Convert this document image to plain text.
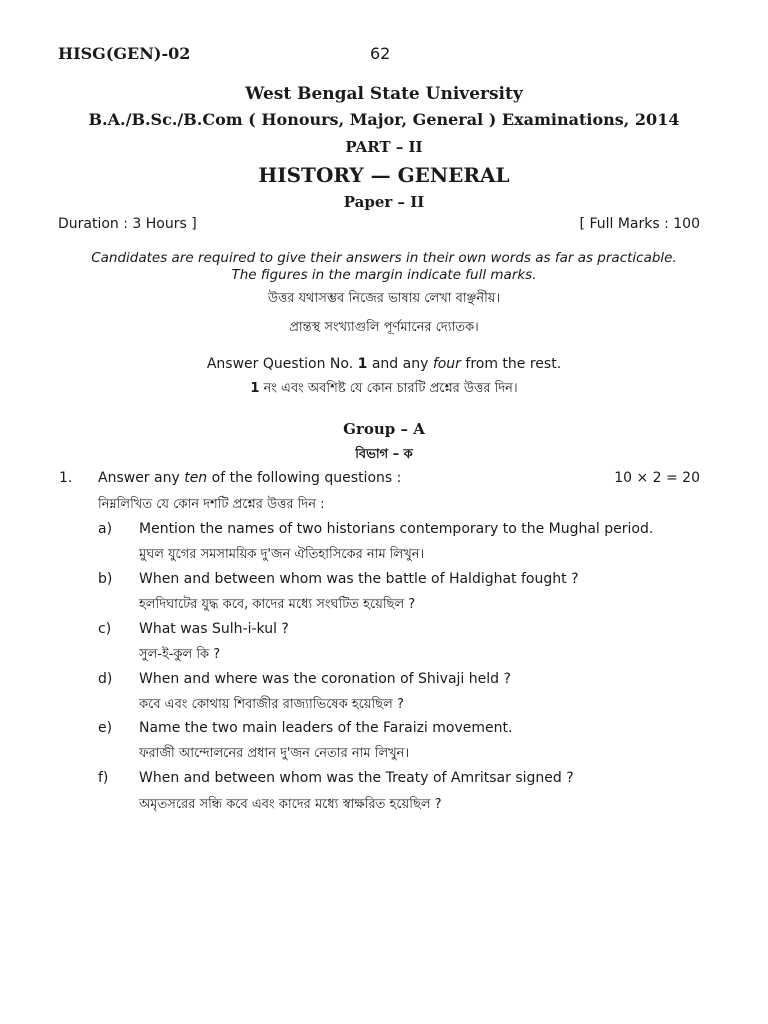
HISG(GEN)-02	62
West Bengal State University
B.A./B.Sc./B.Com ( Honours, Major, General ) Examinations, 2014
PART – II
HISTORY — GENERAL
Paper – II
Duration : 3 Hours ]	[ Full Marks : 100
Candidates are required to give their answers in their own words as far as practicable.
The figures in the margin indicate full marks.
উত্তর যথাসম্ভব নিজের ভাষায় লেখা বাঞ্ছনীয়।
প্রান্তস্থ সংখ্যাগুলি পূর্ণমানের দ্যোতক।
Answer Question No. 1 and any four from the rest.
1 নং এবং অবশিষ্ট যে কোন চারটি প্রশ্নের উত্তর দিন।
Group – A
বিভাগ – ক
1. Answer any ten of the following questions :	10 × 2 = 20
নিম্নলিখিত যে কোন দশটি প্রশ্নের উত্তর দিন :
a) Mention the names of two historians contemporary to the Mughal period.
মুঘল যুগের সমসাময়িক দু'জন ঐতিহাসিকের নাম লিখুন।
b) When and between whom was the battle of Haldighat fought ?
হলদিঘাটের যুদ্ধ কবে, কাদের মধ্যে সংঘটিত হয়েছিল ?
c) What was Sulh-i-kul ?
সুল-ই-কুল কি ?
d) When and where was the coronation of Shivaji held ?
কবে এবং কোথায় শিবাজীর রাজ্যাভিষেক হয়েছিল ?
e) Name the two main leaders of the Faraizi movement.
ফরাজী আন্দোলনের প্রধান দু'জন নেতার নাম লিখুন।
f) When and between whom was the Treaty of Amritsar signed ?
অমৃতসরের সন্ধি কবে এবং কাদের মধ্যে স্বাক্ষরিত হয়েছিল ?
